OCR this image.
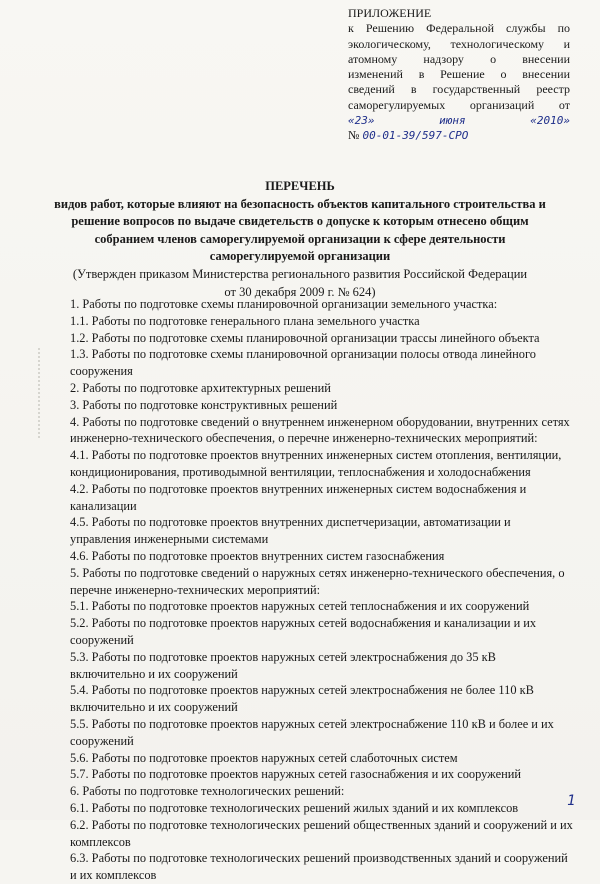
ПРИЛОЖЕНИЕ
к Решению Федеральной службы по
экологическому, технологическому и
атомному надзору о внесении
изменений в Решение о внесении
сведений в государственный реестр
саморегулируемых организаций от
«23»	июня	«2010»
№ 00-01-39/597-СРО
ПЕРЕЧЕНЬ
видов работ, которые влияют на безопасность объектов капитального строительства и
решение вопросов по выдаче свидетельств о допуске к которым отнесено общим
собранием членов саморегулируемой организации к сфере деятельности
саморегулируемой организации
(Утвержден приказом Министерства регионального развития Российской Федерации
от 30 декабря 2009 г. № 624)
1. Работы по подготовке схемы планировочной организации земельного участка:
1.1. Работы по подготовке генерального плана земельного участка
1.2. Работы по подготовке схемы планировочной организации трассы линейного объекта
1.3. Работы по подготовке схемы планировочной организации полосы отвода линейного
сооружения
2. Работы по подготовке архитектурных решений
3. Работы по подготовке конструктивных решений
4. Работы по подготовке сведений о внутреннем инженерном оборудовании, внутренних сетях
инженерно-технического обеспечения, о перечне инженерно-технических мероприятий:
4.1. Работы по подготовке проектов внутренних инженерных систем отопления, вентиляции,
кондиционирования, противодымной вентиляции, теплоснабжения и холодоснабжения
4.2. Работы по подготовке проектов внутренних инженерных систем водоснабжения и
канализации
4.5. Работы по подготовке проектов внутренних диспетчеризации, автоматизации и
управления инженерными системами
4.6. Работы по подготовке проектов внутренних систем газоснабжения
5. Работы по подготовке сведений о наружных сетях инженерно-технического обеспечения, о
перечне инженерно-технических мероприятий:
5.1. Работы по подготовке проектов наружных сетей теплоснабжения и их сооружений
5.2. Работы по подготовке проектов наружных сетей водоснабжения и канализации и их
сооружений
5.3. Работы по подготовке проектов наружных сетей электроснабжения до 35 кВ
включительно и их сооружений
5.4. Работы по подготовке проектов наружных сетей электроснабжения не более 110 кВ
включительно и их сооружений
5.5. Работы по подготовке проектов наружных сетей электроснабжение 110 кВ и более и их
сооружений
5.6. Работы по подготовке проектов наружных сетей слаботочных систем
5.7. Работы по подготовке проектов наружных сетей газоснабжения и их сооружений
6. Работы по подготовке технологических решений:
6.1. Работы по подготовке технологических решений жилых зданий и их комплексов
6.2. Работы по подготовке технологических решений общественных зданий и сооружений и их
комплексов
6.3. Работы по подготовке технологических решений производственных зданий и сооружений
и их комплексов
1
